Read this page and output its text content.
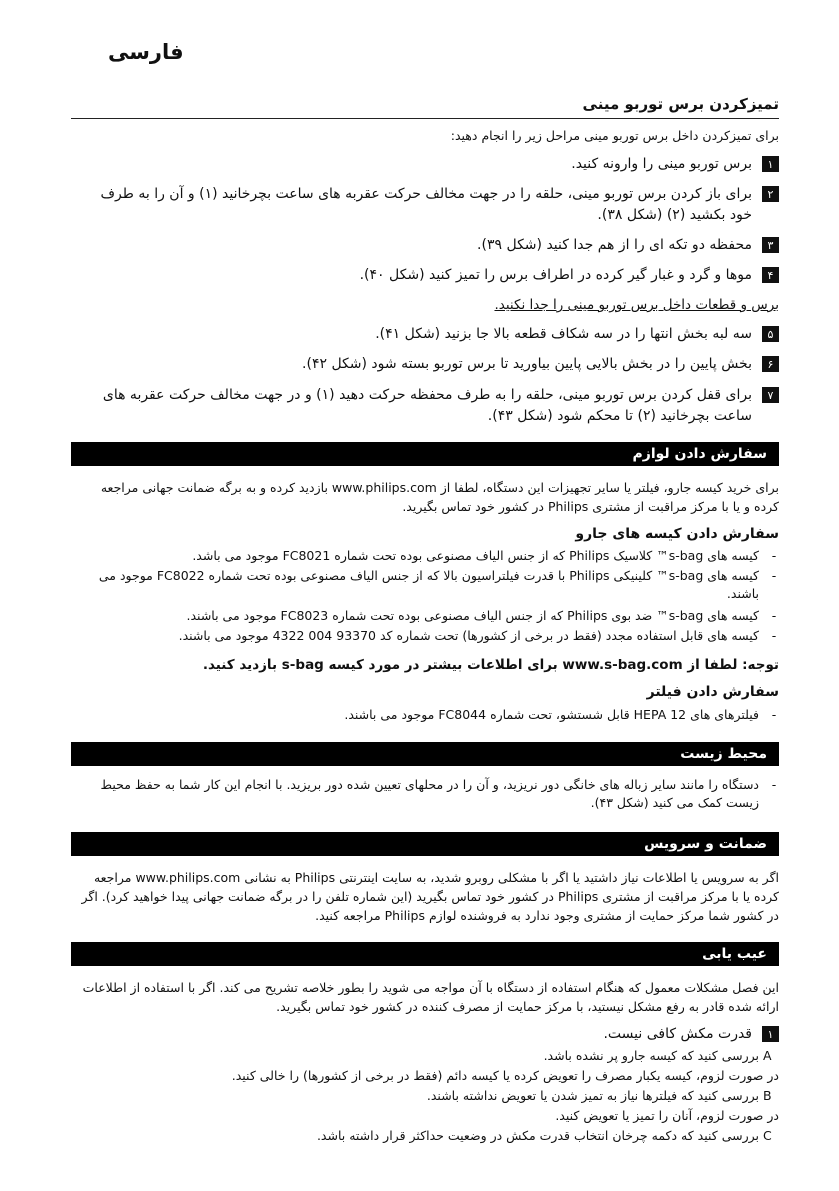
فارسی
تمیزکردن برس توربو مینی
برای تمیزکردن داخل برس توربو مینی مراحل زیر را انجام دهید:
۱
برس توربو مینی را وارونه کنید.
۲
برای باز کردن برس توربو مینی، حلقه را در جهت مخالف حرکت عقربه های ساعت بچرخانید (۱) و آن را به طرف خود بکشید (۲) (شکل ۳۸).
۳
محفظه دو تکه ای را از هم جدا کنید (شکل ۳۹).
۴
موها و گرد و غبار گیر کرده در اطراف برس را تمیز کنید (شکل ۴۰).
برس و قطعات داخل برس توربو مینی را جدا نکنید.
۵
سه لبه بخش انتها را در سه شکاف قطعه بالا جا بزنید (شکل ۴۱).
۶
بخش پایین را در بخش بالایی پایین بیاورید تا برس توربو بسته شود (شکل ۴۲).
۷
برای قفل کردن برس توربو مینی، حلقه را به طرف محفظه حرکت دهید (۱) و در جهت مخالف حرکت عقربه های ساعت بچرخانید (۲) تا محکم شود (شکل ۴۳).
سفارش دادن لوازم
برای خرید کیسه جارو، فیلتر یا سایر تجهیزات این دستگاه، لطفا از www.philips.com بازدید کرده و به برگه ضمانت جهانی مراجعه کرده و یا با مرکز مراقبت از مشتری Philips در کشور خود تماس بگیرید.
سفارش دادن کیسه های جارو
-
کیسه های s-bag™ کلاسیک Philips که از جنس الیاف مصنوعی بوده تحت شماره FC8021 موجود می باشد.
-
کیسه های s-bag™ کلینیکی Philips با قدرت فیلتراسیون بالا که از جنس الیاف مصنوعی بوده تحت شماره FC8022 موجود می باشند.
-
کیسه های s-bag™ ضد بوی Philips که از جنس الیاف مصنوعی بوده تحت شماره FC8023 موجود می باشند.
-
کیسه های قابل استفاده مجدد (فقط در برخی از کشورها) تحت شماره کد 93370 004 4322 موجود می باشند.
توجه: لطفا از www.s-bag.com برای اطلاعات بیشتر در مورد کیسه s-bag بازدید کنید.
سفارش دادن فیلتر
-
فیلترهای های HEPA 12 قابل شستشو، تحت شماره FC8044 موجود می باشند.
محیط زیست
-
دستگاه را مانند سایر زباله های خانگی دور نریزید، و آن را در محلهای تعیین شده دور بریزید. با انجام این کار شما به حفظ محیط زیست کمک می کنید (شکل ۴۳).
ضمانت و سرویس
اگر به سرویس یا اطلاعات نیاز داشتید یا اگر با مشکلی روبرو شدید، به سایت اینترنتی Philips به نشانی www.philips.com مراجعه کرده یا با مرکز مراقبت از مشتری Philips در کشور خود تماس بگیرید (این شماره تلفن را در برگه ضمانت جهانی پیدا خواهید کرد). اگر در کشور شما مرکز حمایت از مشتری وجود ندارد به فروشنده لوازم Philips مراجعه کنید.
عیب یابی
این فصل مشکلات معمول که هنگام استفاده از دستگاه با آن مواجه می شوید را بطور خلاصه تشریح می کند. اگر با استفاده از اطلاعات ارائه شده قادر به رفع مشکل نیستید، با مرکز حمایت از مصرف کننده در کشور خود تماس بگیرید.
۱
قدرت مکش کافی نیست.
A بررسی کنید که کیسه جارو پر نشده باشد.
در صورت لزوم، کیسه یکبار مصرف را تعویض کرده یا کیسه دائم (فقط در برخی از کشورها) را خالی کنید.
B بررسی کنید که فیلترها نیاز به تمیز شدن یا تعویض نداشته باشند.
در صورت لزوم، آنان را تمیز یا تعویض کنید.
C بررسی کنید که دکمه چرخان انتخاب قدرت مکش در وضعیت حداکثر قرار داشته باشد.
